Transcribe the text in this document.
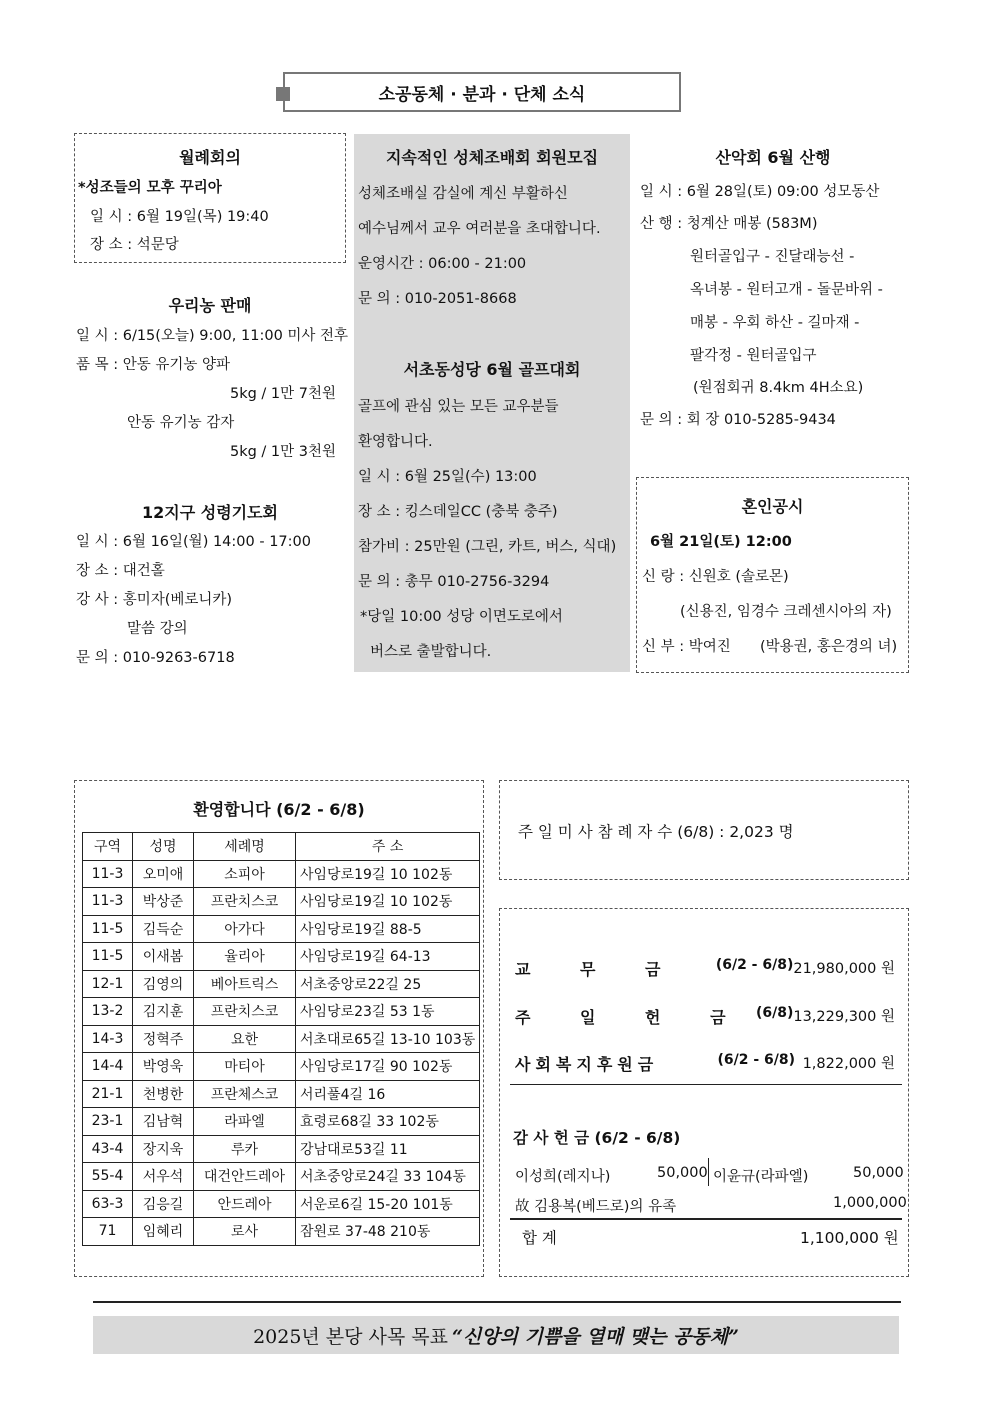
소공동체 · 분과 · 단체 소식
월례회의
*성조들의 모후 꾸리아
일 시 : 6월 19일(목) 19:40
장 소 : 석문당
우리농 판매
일 시 : 6/15(오늘) 9:00, 11:00 미사 전후
품 목 : 안동 유기농 양파
5kg / 1만 7천원
안동 유기농 감자
5kg / 1만 3천원
12지구 성령기도회
일 시 : 6월 16일(월) 14:00 - 17:00
장 소 : 대건홀
강 사 : 홍미자(베로니카)
말씀 강의
문 의 : 010-9263-6718
지속적인 성체조배회 회원모집
성체조배실 감실에 계신 부활하신
예수님께서 교우 여러분을 초대합니다.
운영시간 : 06:00 - 21:00
문 의 : 010-2051-8668
서초동성당 6월 골프대회
골프에 관심 있는 모든 교우분들
환영합니다.
일 시 : 6월 25일(수) 13:00
장 소 : 킹스데일CC (충북 충주)
참가비 : 25만원 (그린, 카트, 버스, 식대)
문 의 : 총무 010-2756-3294
*당일 10:00 성당 이면도로에서
버스로 출발합니다.
산악회 6월 산행
일 시 : 6월 28일(토) 09:00 성모동산
산 행 : 청계산 매봉 (583M)
원터골입구 - 진달래능선 -
옥녀봉 - 원터고개 - 돌문바위 -
매봉 - 우회 하산 - 길마재 -
팔각정 - 원터골입구
(원점회귀 8.4km 4H소요)
문 의 : 회 장 010-5285-9434
혼인공시
6월 21일(토) 12:00
신 랑 : 신원호 (솔로몬)
(신용진, 임경수 크레센시아의 자)
신 부 : 박여진 (박용권, 홍은경의 녀)
환영합니다 (6/2 - 6/8)
구역	성명	세례명	주 소
11-3	오미애	소피아	사임당로19길 10 102동
11-3	박상준	프란치스코	사임당로19길 10 102동
11-5	김득순	아가다	사임당로19길 88-5
11-5	이새봄	율리아	사임당로19길 64-13
12-1	김영의	베아트릭스	서초중앙로22길 25
13-2	김지훈	프란치스코	사임당로23길 53 1동
14-3	정혁주	요한	서초대로65길 13-10 103동
14-4	박영욱	마티아	사임당로17길 90 102동
21-1	천병한	프란체스코	서리풀4길 16
23-1	김남혁	라파엘	효령로68길 33 102동
43-4	장지욱	루카	강남대로53길 11
55-4	서우석	대건안드레아	서초중앙로24길 33 104동
63-3	김응길	안드레아	서운로6길 15-20 101동
71	임혜리	로사	잠원로 37-48 210동
주 일 미 사 참 례 자 수 (6/8) : 2,023 명
교 무 금	(6/2 - 6/8) 21,980,000 원
주 일 헌 금 (6/8) 13,229,300 원
사회복지후원금	(6/2 - 6/8) 1,822,000 원
감 사 헌 금 (6/2 - 6/8)
이성희(레지나)	50,000 이윤규(라파엘)	50,000
故 김용복(베드로)의 유족	1,000,000
합 계	1,100,000 원
2025년 본당 사목 목표 “신앙의 기쁨을 열매 맺는 공동체”
